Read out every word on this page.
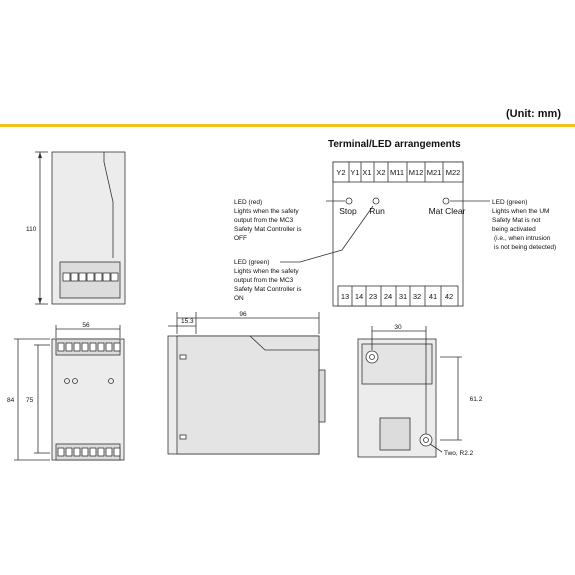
(Unit: mm)
Terminal/LED arrangements
Y2 Y1 X1 X2 M11 M12 M21 M22
13 14 23 24 31 32 41 42
Stop Run	Mat Clear
LED (red)
Lights when the safety
output from the MC3
Safety Mat Controller is
OFF
LED (green)
Lights when the safety
output from the MC3
Safety Mat Controller is
ON
LED (green)
Lights when the UM
Safety Mat is not
being activated
(i.e., when intrusion
is not being detected)
110
56
84 75
96
15.3
30
61.2
Two, R2.2
